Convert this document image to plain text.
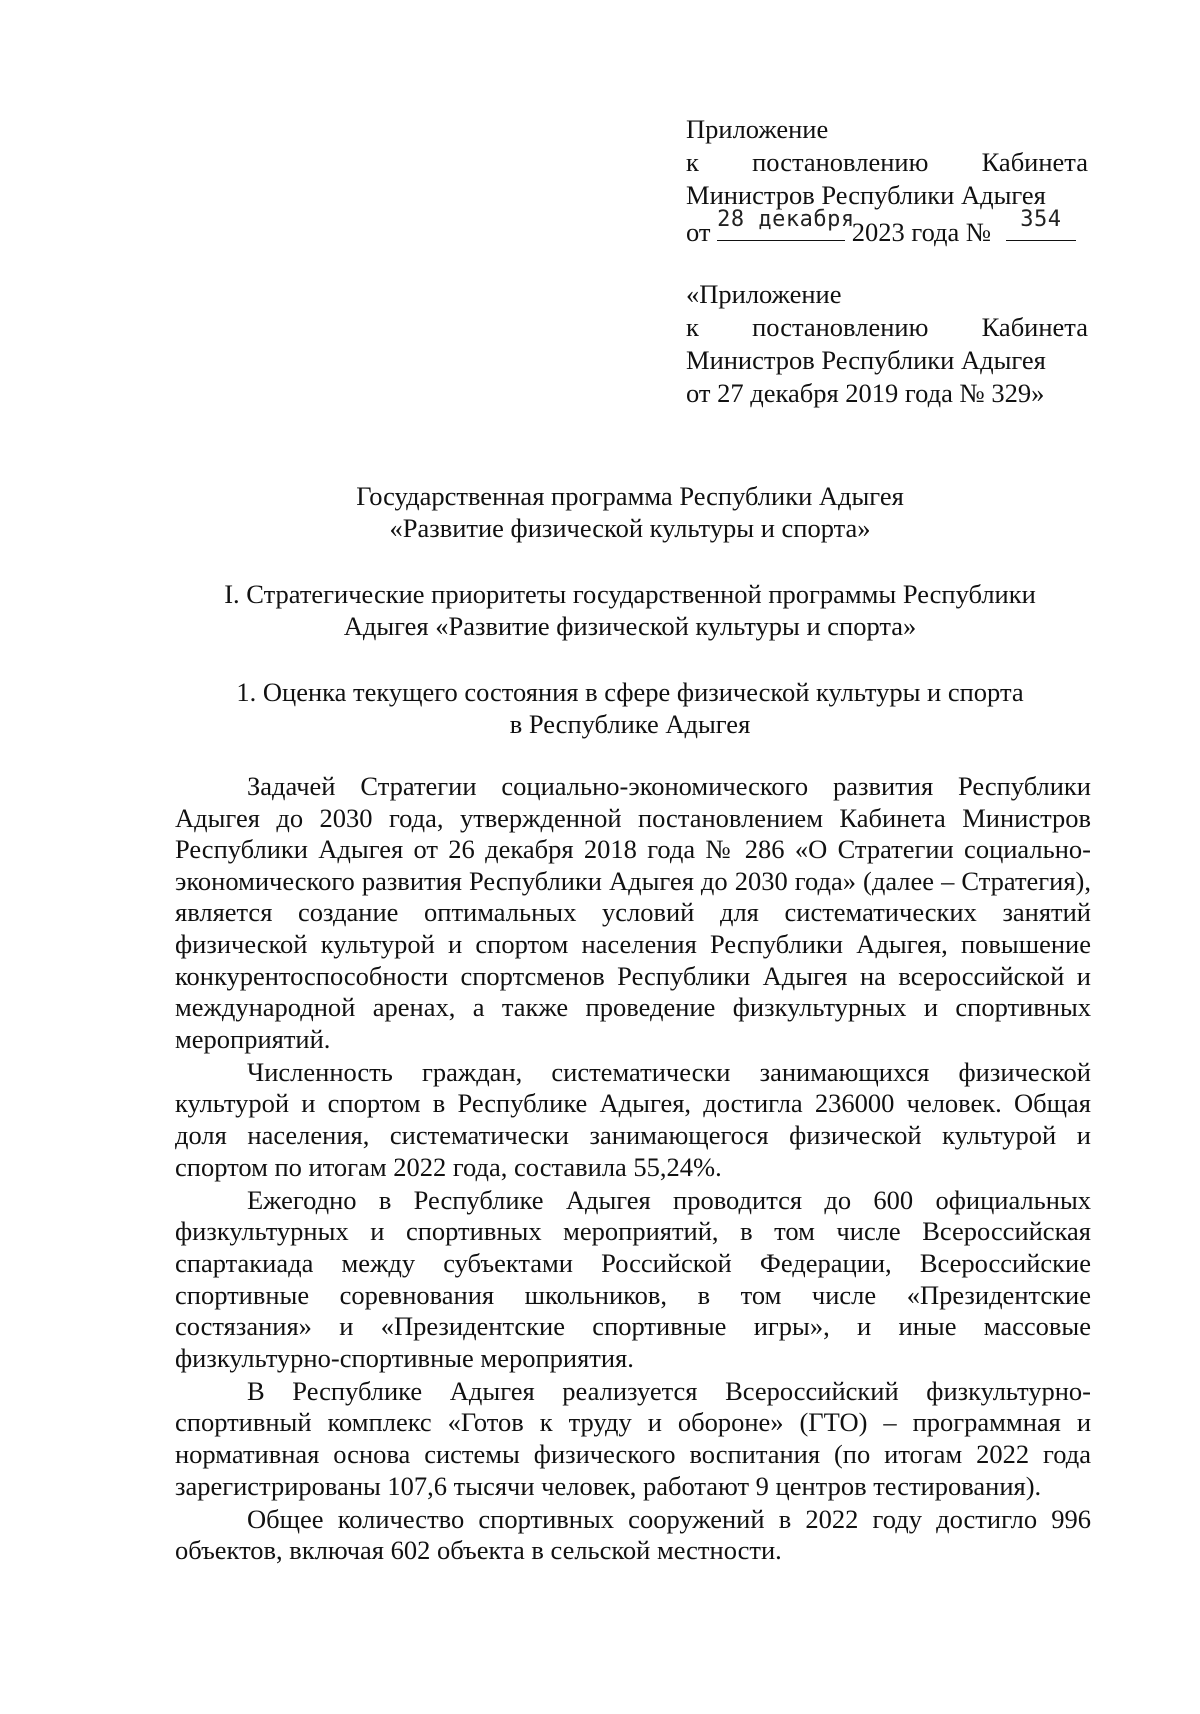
Приложение
к постановлению Кабинета
Министров Республики Адыгея
от 28 декабря
2023 года №	354
«Приложение
к постановлению Кабинета
Министров Республики Адыгея
от 27 декабря 2019 года № 329»
Государственная программа Республики Адыгея
«Развитие физической культуры и спорта»
I. Стратегические приоритеты государственной программы Республики
Адыгея «Развитие физической культуры и спорта»
1. Оценка текущего состояния в сфере физической культуры и спорта
в Республике Адыгея

Задачей Стратегии социально-экономического развития Республики Адыгея до 2030 года, утвержденной постановлением Кабинета Министров Республики Адыгея от 26 декабря 2018 года № 286 «О Стратегии социально-экономического развития Республики Адыгея до 2030 года» (далее – Стратегия), является создание оптимальных условий для систематических занятий физической культурой и спортом населения Республики Адыгея, повышение конкурентоспособности спортсменов Республики Адыгея на всероссийской и международной аренах, а также проведение физкультурных и спортивных мероприятий.

Численность граждан, систематически занимающихся физической культурой и спортом в Республике Адыгея, достигла 236000 человек. Общая доля населения, систематически занимающегося физической культурой и спортом по итогам 2022 года, составила 55,24%.

Ежегодно в Республике Адыгея проводится до 600 официальных физкультурных и спортивных мероприятий, в том числе Всероссийская спартакиада между субъектами Российской Федерации, Всероссийские спортивные соревнования школьников, в том числе «Президентские состязания» и «Президентские спортивные игры», и иные массовые физкультурно-спортивные мероприятия.

В Республике Адыгея реализуется Всероссийский физкультурно-спортивный комплекс «Готов к труду и обороне» (ГТО) – программная и нормативная основа системы физического воспитания (по итогам 2022 года зарегистрированы 107,6 тысячи человек, работают 9 центров тестирования).

Общее количество спортивных сооружений в 2022 году достигло 996 объектов, включая 602 объекта в сельской местности.
